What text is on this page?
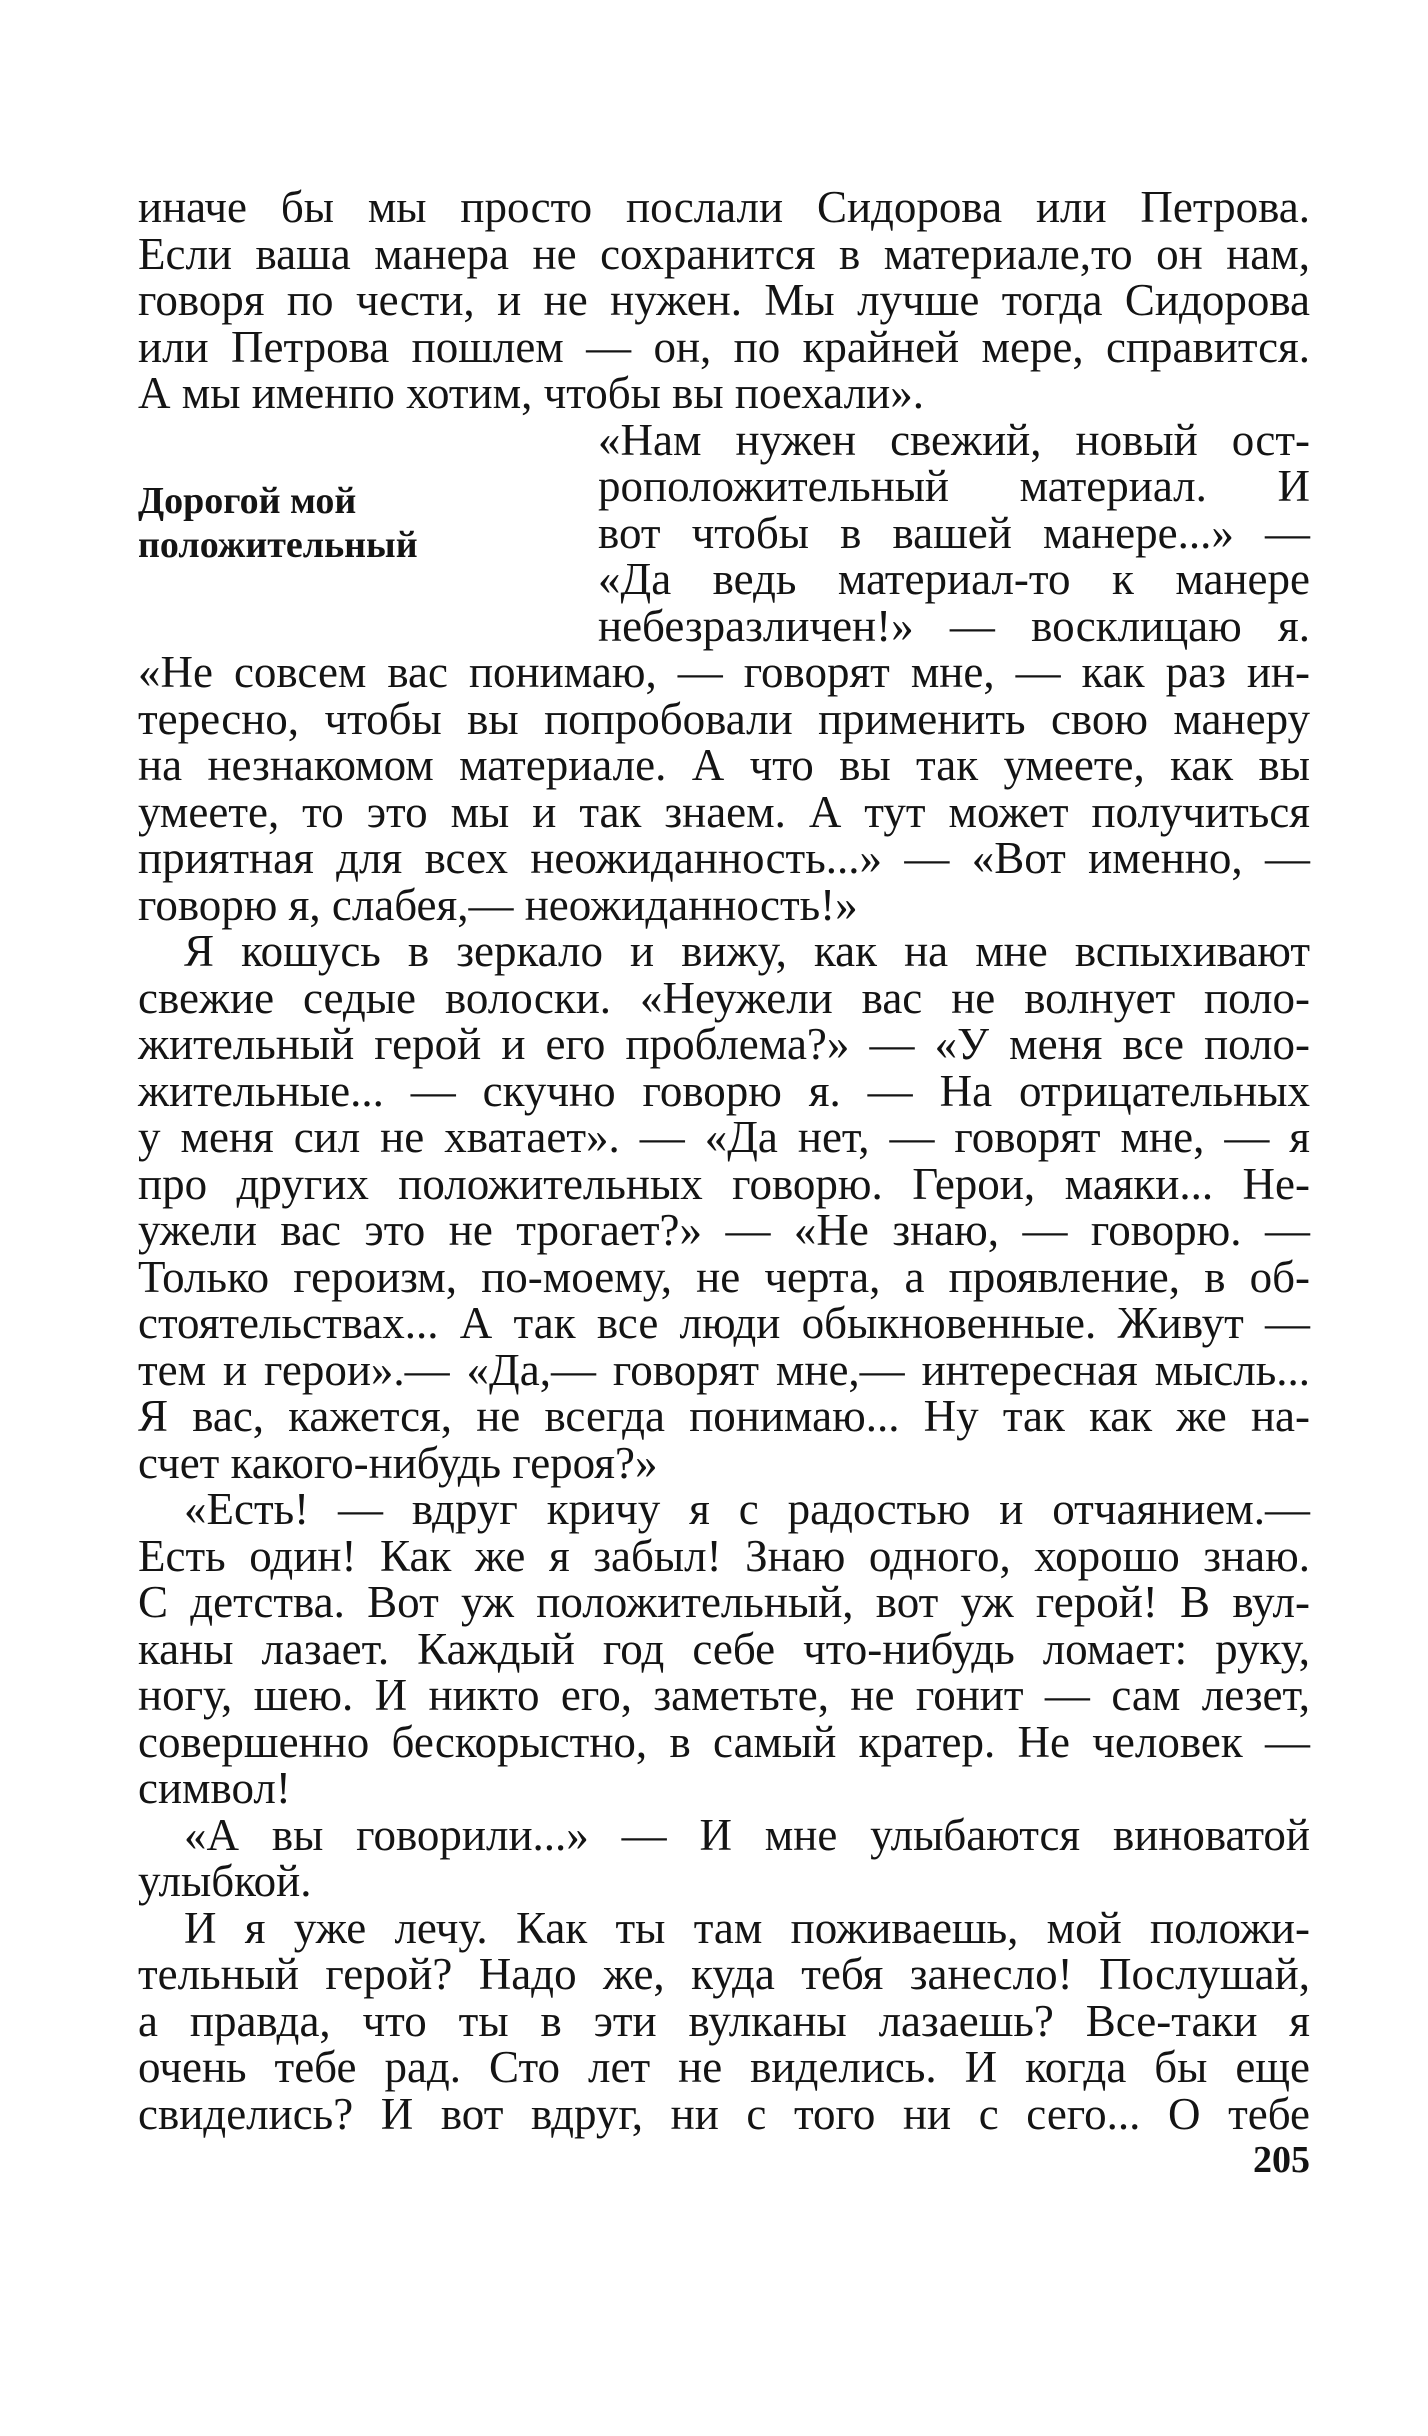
иначе бы мы просто послали Сидорова или Петрова.
Если ваша манера не сохранится в материале,то он нам,
говоря по чести, и не нужен. Мы лучше тогда Сидорова
или Петрова пошлем — он, по крайней мере, справится.
А мы именпо хотим, чтобы вы поехали».
Дорогой мой
положительный
«Нам нужен свежий, новый ост-
роположительный материал. И
вот чтобы в вашей манере...» —
«Да ведь материал-то к манере
небезразличен!» — восклицаю я.
«Не совсем вас понимаю, — говорят мне, — как раз ин-
тересно, чтобы вы попробовали применить свою манеру
на незнакомом материале. А что вы так умеете, как вы
умеете, то это мы и так знаем. А тут может получиться
приятная для всех неожиданность...» — «Вот именно, —
говорю я, слабея,— неожиданность!»
Я кошусь в зеркало и вижу, как на мне вспыхивают
свежие седые волоски. «Неужели вас не волнует поло-
жительный герой и его проблема?» — «У меня все поло-
жительные... — скучно говорю я. — На отрицательных
у меня сил не хватает». — «Да нет, — говорят мне, — я
про других положительных говорю. Герои, маяки... Не-
ужели вас это не трогает?» — «Не знаю, — говорю. —
Только героизм, по-моему, не черта, а проявление, в об-
стоятельствах... А так все люди обыкновенные. Живут —
тем и герои».— «Да,— говорят мне,— интересная мысль...
Я вас, кажется, не всегда понимаю... Ну так как же на-
счет какого-нибудь героя?»
«Есть! — вдруг кричу я с радостью и отчаянием.—
Есть один! Как же я забыл! Знаю одного, хорошо знаю.
С детства. Вот уж положительный, вот уж герой! В вул-
каны лазает. Каждый год себе что-нибудь ломает: руку,
ногу, шею. И никто его, заметьте, не гонит — сам лезет,
совершенно бескорыстно, в самый кратер. Не человек —
символ!
«А вы говорили...» — И мне улыбаются виноватой
улыбкой.
И я уже лечу. Как ты там поживаешь, мой положи-
тельный герой? Надо же, куда тебя занесло! Послушай,
а правда, что ты в эти вулканы лазаешь? Все-таки я
очень тебе рад. Сто лет не виделись. И когда бы еще
свиделись? И вот вдруг, ни с того ни с сего... О тебе
205
